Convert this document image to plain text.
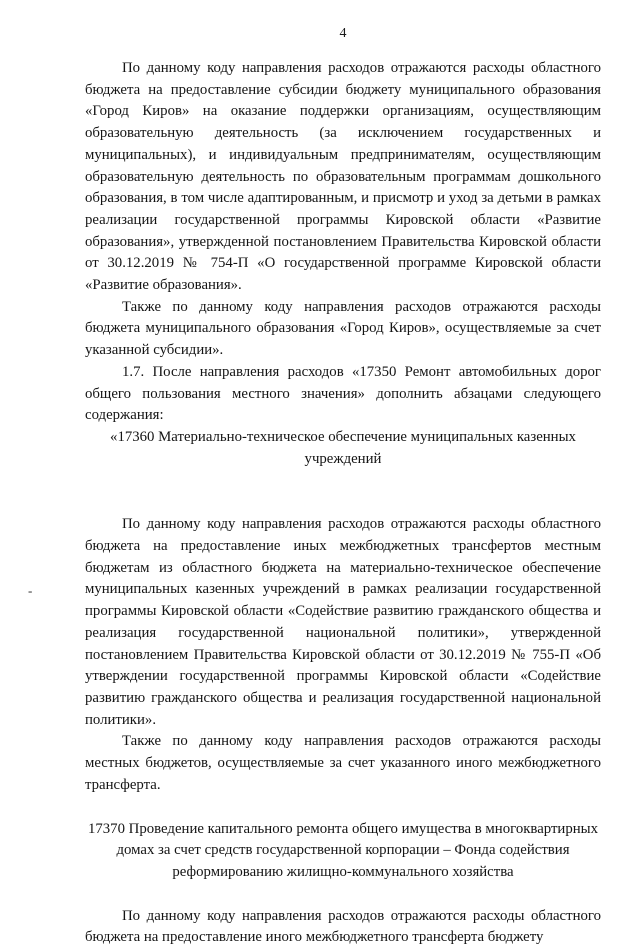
4

По данному коду направления расходов отражаются расходы областного бюджета на предоставление субсидии бюджету муниципального образования «Город Киров» на оказание поддержки организациям, осуществляющим образовательную деятельность (за исключением государственных и муниципальных), и индивидуальным предпринимателям, осуществляющим образовательную деятельность по образовательным программам дошкольного образования, в том числе адаптированным, и присмотр и уход за детьми в рамках реализации государственной программы Кировской области «Развитие образования», утвержденной постановлением Правительства Кировской области от 30.12.2019 № 754-П «О государственной программе Кировской области «Развитие образования».

Также по данному коду направления расходов отражаются расходы бюджета муниципального образования «Город Киров», осуществляемые за счет указанной субсидии».

1.7. После направления расходов «17350 Ремонт автомобильных дорог общего пользования местного значения» дополнить абзацами следующего содержания:

«17360 Материально-техническое обеспечение муниципальных казенных учреждений

По данному коду направления расходов отражаются расходы областного бюджета на предоставление иных межбюджетных трансфертов местным бюджетам из областного бюджета на материально-техническое обеспечение муниципальных казенных учреждений в рамках реализации государственной программы Кировской области «Содействие развитию гражданского общества и реализация государственной национальной политики», утвержденной постановлением Правительства Кировской области от 30.12.2019 № 755-П «Об утверждении государственной программы Кировской области «Содействие развитию гражданского общества и реализация государственной национальной политики».

Также по данному коду направления расходов отражаются расходы местных бюджетов, осуществляемые за счет указанного иного межбюджетного трансферта.

17370 Проведение капитального ремонта общего имущества в многоквартирных домах за счет средств государственной корпорации – Фонда содействия реформированию жилищно-коммунального хозяйства

По данному коду направления расходов отражаются расходы областного бюджета на предоставление иного межбюджетного трансферта бюджету

-
